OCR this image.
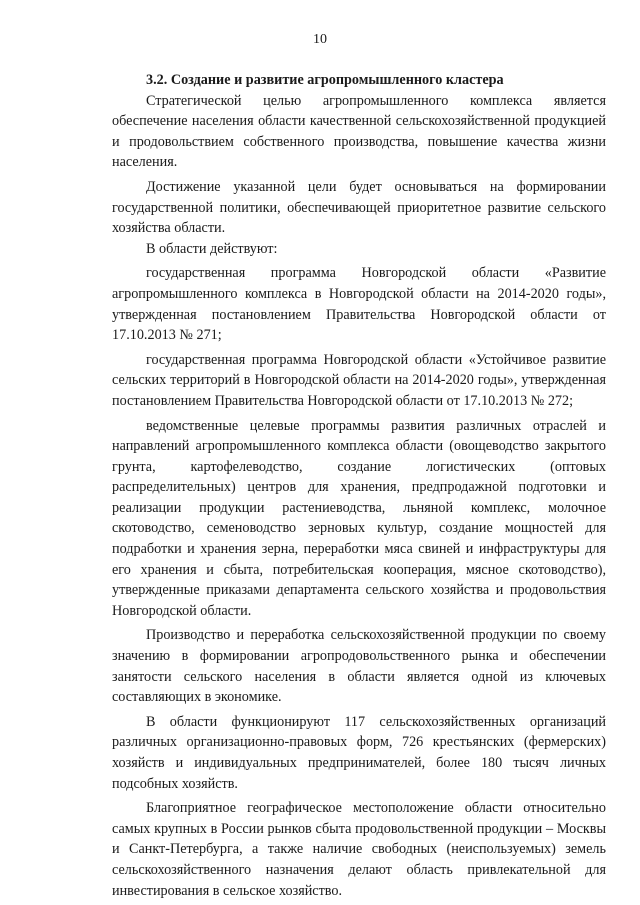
10
3.2. Создание и развитие агропромышленного кластера

Стратегической целью агропромышленного комплекса является обеспечение населения области качественной сельскохозяйственной продукцией и продовольствием собственного производства, повышение качества жизни населения.

Достижение указанной цели будет основываться на формировании государственной политики, обеспечивающей приоритетное развитие сельского хозяйства области.

В области действуют:

государственная программа Новгородской области «Развитие агропромышленного комплекса в Новгородской области на 2014-2020 годы», утвержденная постановлением Правительства Новгородской области от 17.10.2013 № 271;

государственная программа Новгородской области «Устойчивое развитие сельских территорий в Новгородской области на 2014-2020 годы», утвержденная постановлением Правительства Новгородской области от 17.10.2013 № 272;

ведомственные целевые программы развития различных отраслей и направлений агропромышленного комплекса области (овощеводство закрытого грунта, картофелеводство, создание логистических (оптовых распределительных) центров для хранения, предпродажной подготовки и реализации продукции растениеводства, льняной комплекс, молочное скотоводство, семеноводство зерновых культур, создание мощностей для подработки и хранения зерна, переработки мяса свиней и инфраструктуры для его хранения и сбыта, потребительская кооперация, мясное скотоводство), утвержденные приказами департамента сельского хозяйства и продовольствия Новгородской области.

Производство и переработка сельскохозяйственной продукции по своему значению в формировании агропродовольственного рынка и обеспечении занятости сельского населения в области является одной из ключевых составляющих в экономике.

В области функционируют 117 сельскохозяйственных организаций различных организационно-правовых форм, 726 крестьянских (фермерских) хозяйств и индивидуальных предпринимателей, более 180 тысяч личных подсобных хозяйств.

Благоприятное географическое местоположение области относительно самых крупных в России рынков сбыта продовольственной продукции – Москвы и Санкт-Петербурга, а также наличие свободных (неиспользуемых) земель сельскохозяйственного назначения делают область привлекательной для инвестирования в сельское хозяйство.
